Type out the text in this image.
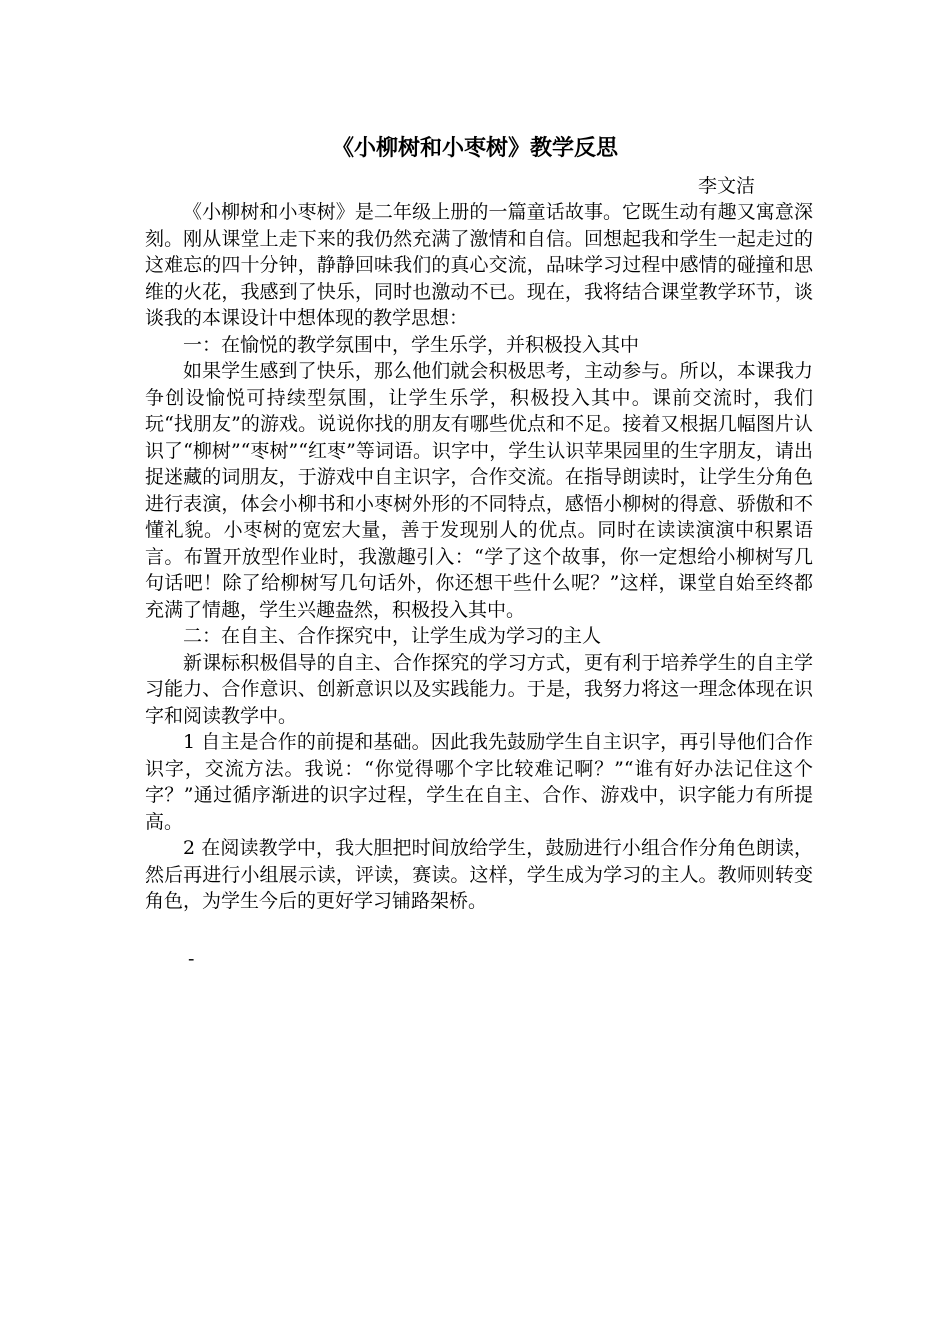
《小柳树和小枣树》教学反思
李文洁

《小柳树和小枣树》是二年级上册的一篇童话故事。它既生动有趣又寓意深刻。刚从课堂上走下来的我仍然充满了激情和自信。回想起我和学生一起走过的这难忘的四十分钟，静静回味我们的真心交流，品味学习过程中感情的碰撞和思维的火花，我感到了快乐，同时也激动不已。现在，我将结合课堂教学环节，谈谈我的本课设计中想体现的教学思想：

一：在愉悦的教学氛围中，学生乐学，并积极投入其中

如果学生感到了快乐，那么他们就会积极思考，主动参与。所以，本课我力争创设愉悦可持续型氛围，让学生乐学，积极投入其中。课前交流时，我们玩“找朋友”的游戏。说说你找的朋友有哪些优点和不足。接着又根据几幅图片认识了“柳树”“枣树”“红枣”等词语。识字中，学生认识苹果园里的生字朋友，请出捉迷藏的词朋友，于游戏中自主识字，合作交流。在指导朗读时，让学生分角色进行表演，体会小柳书和小枣树外形的不同特点，感悟小柳树的得意、骄傲和不懂礼貌。小枣树的宽宏大量，善于发现别人的优点。同时在读读演演中积累语言。布置开放型作业时，我激趣引入：“学了这个故事，你一定想给小柳树写几句话吧！除了给柳树写几句话外，你还想干些什么呢？”这样，课堂自始至终都充满了情趣，学生兴趣盎然，积极投入其中。

二：在自主、合作探究中，让学生成为学习的主人

新课标积极倡导的自主、合作探究的学习方式，更有利于培养学生的自主学习能力、合作意识、创新意识以及实践能力。于是，我努力将这一理念体现在识字和阅读教学中。

1 自主是合作的前提和基础。因此我先鼓励学生自主识字，再引导他们合作识字，交流方法。我说：“你觉得哪个字比较难记啊？”“谁有好办法记住这个字？”通过循序渐进的识字过程，学生在自主、合作、游戏中，识字能力有所提高。

2 在阅读教学中，我大胆把时间放给学生，鼓励进行小组合作分角色朗读，然后再进行小组展示读，评读，赛读。这样，学生成为学习的主人。教师则转变角色，为学生今后的更好学习铺路架桥。

-
